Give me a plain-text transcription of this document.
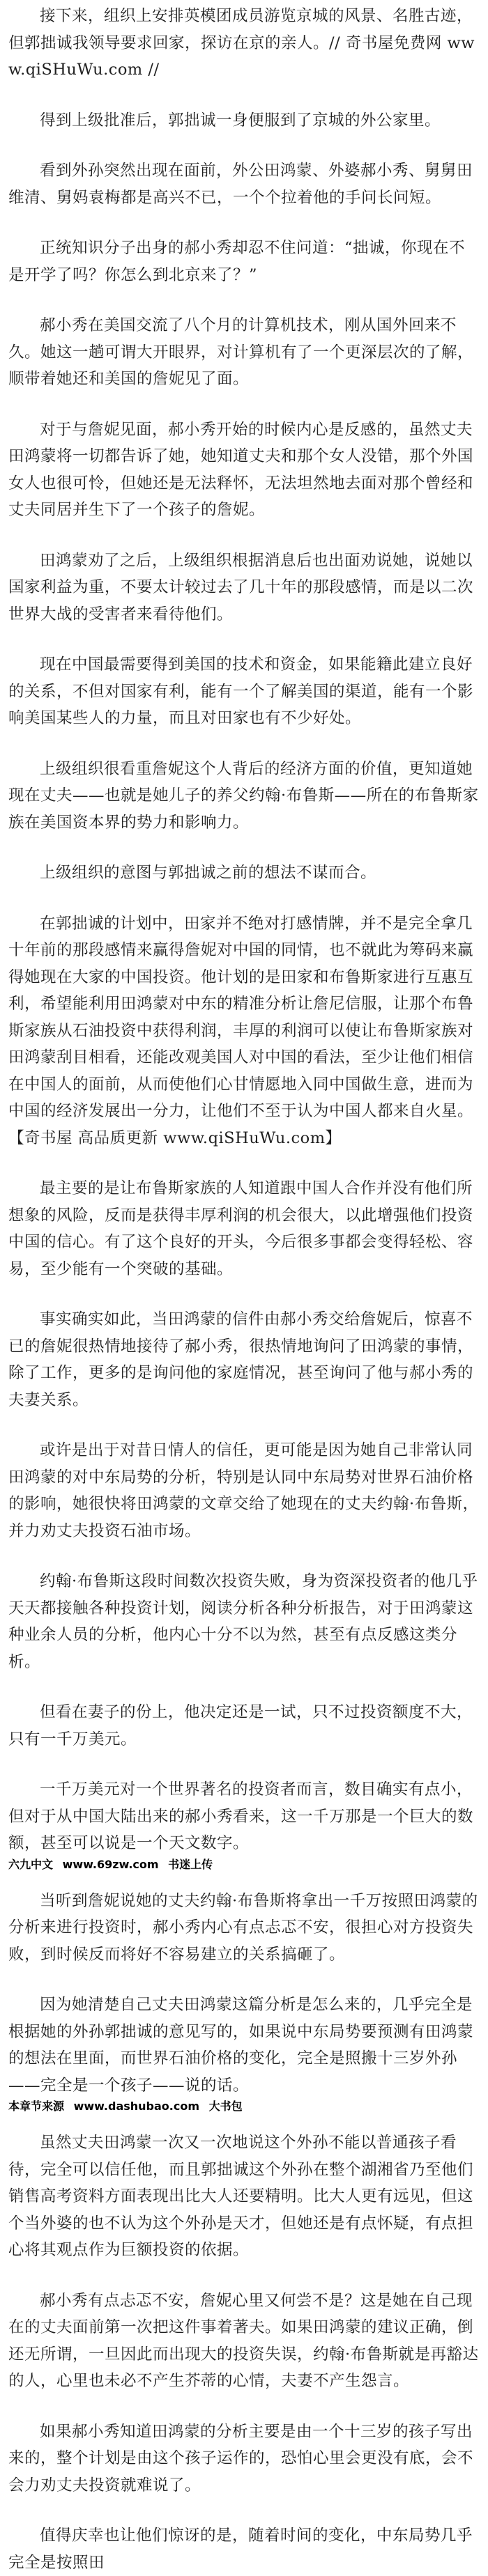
接下来，组织上安排英模团成员游览京城的风景、名胜古迹，但郭拙诚我领导要求回家，探访在京的亲人。// 奇书屋免费网 www.qiSHuWu.com //

得到上级批准后，郭拙诚一身便服到了京城的外公家里。

看到外孙突然出现在面前，外公田鸿蒙、外婆郝小秀、舅舅田维清、舅妈袁梅都是高兴不已，一个个拉着他的手问长问短。

正统知识分子出身的郝小秀却忍不住问道：“拙诚，你现在不是开学了吗？你怎么到北京来了？”

郝小秀在美国交流了八个月的计算机技术，刚从国外回来不久。她这一趟可谓大开眼界，对计算机有了一个更深层次的了解，顺带着她还和美国的詹妮见了面。

对于与詹妮见面，郝小秀开始的时候内心是反感的，虽然丈夫田鸿蒙将一切都告诉了她，她知道丈夫和那个女人没错，那个外国女人也很可怜，但她还是无法释怀，无法坦然地去面对那个曾经和丈夫同居并生下了一个孩子的詹妮。

田鸿蒙劝了之后，上级组织根据消息后也出面劝说她，说她以国家利益为重，不要太计较过去了几十年的那段感情，而是以二次世界大战的受害者来看待他们。

现在中国最需要得到美国的技术和资金，如果能籍此建立良好的关系，不但对国家有利，能有一个了解美国的渠道，能有一个影响美国某些人的力量，而且对田家也有不少好处。

上级组织很看重詹妮这个人背后的经济方面的价值，更知道她现在丈夫——也就是她儿子的养父约翰·布鲁斯——所在的布鲁斯家族在美国资本界的势力和影响力。

上级组织的意图与郭拙诚之前的想法不谋而合。

在郭拙诚的计划中，田家并不绝对打感情牌，并不是完全拿几十年前的那段感情来赢得詹妮对中国的同情，也不就此为筹码来赢得她现在大家的中国投资。他计划的是田家和布鲁斯家进行互惠互利，希望能利用田鸿蒙对中东的精准分析让詹尼信服，让那个布鲁斯家族从石油投资中获得利润，丰厚的利润可以使让布鲁斯家族对田鸿蒙刮目相看，还能改观美国人对中国的看法，至少让他们相信在中国人的面前，从而使他们心甘情愿地入同中国做生意，进而为中国的经济发展出一分力，让他们不至于认为中国人都来自火星。【奇书屋 高品质更新 www.qiSHuWu.com】

最主要的是让布鲁斯家族的人知道跟中国人合作并没有他们所想象的风险，反而是获得丰厚利润的机会很大，以此增强他们投资中国的信心。有了这个良好的开头，今后很多事都会变得轻松、容易，至少能有一个突破的基础。

事实确实如此，当田鸿蒙的信件由郝小秀交给詹妮后，惊喜不已的詹妮很热情地接待了郝小秀，很热情地询问了田鸿蒙的事情，除了工作，更多的是询问他的家庭情况，甚至询问了他与郝小秀的夫妻关系。

或许是出于对昔日情人的信任，更可能是因为她自己非常认同田鸿蒙的对中东局势的分析，特别是认同中东局势对世界石油价格的影响，她很快将田鸿蒙的文章交给了她现在的丈夫约翰·布鲁斯，并力劝丈夫投资石油市场。

约翰·布鲁斯这段时间数次投资失败，身为资深投资者的他几乎天天都接触各种投资计划，阅读分析各种分析报告，对于田鸿蒙这种业余人员的分析，他内心十分不以为然，甚至有点反感这类分析。

但看在妻子的份上，他决定还是一试，只不过投资额度不大，只有一千万美元。

一千万美元对一个世界著名的投资者而言，数目确实有点小，但对于从中国大陆出来的郝小秀看来，这一千万那是一个巨大的数额，甚至可以说是一个天文数字。

六九中文 www.69zw.com 书迷上传

当听到詹妮说她的丈夫约翰·布鲁斯将拿出一千万按照田鸿蒙的分析来进行投资时，郝小秀内心有点忐忑不安，很担心对方投资失败，到时候反而将好不容易建立的关系搞砸了。

因为她清楚自己丈夫田鸿蒙这篇分析是怎么来的，几乎完全是根据她的外孙郭拙诚的意见写的，如果说中东局势要预测有田鸿蒙的想法在里面，而世界石油价格的变化，完全是照搬十三岁外孙——完全是一个孩子——说的话。

本章节来源 www.dashubao.com 大书包

虽然丈夫田鸿蒙一次又一次地说这个外孙不能以普通孩子看待，完全可以信任他，而且郭拙诚这个外孙在整个湖湘省乃至他们销售高考资料方面表现出比大人还要精明。比大人更有远见，但这个当外婆的也不认为这个外孙是天才，但她还是有点怀疑，有点担心将其观点作为巨额投资的依据。

郝小秀有点忐忑不安，詹妮心里又何尝不是？这是她在自己现在的丈夫面前第一次把这件事着著夫。如果田鸿蒙的建议正确，倒还无所谓，一旦因此而出现大的投资失误，约翰·布鲁斯就是再豁达的人，心里也未必不产生芥蒂的心情，夫妻不产生怨言。

如果郝小秀知道田鸿蒙的分析主要是由一个十三岁的孩子写出来的，整个计划是由这个孩子运作的，恐怕心里会更没有底，会不会力劝丈夫投资就难说了。

值得庆幸也让他们惊讶的是，随着时间的变化，中东局势几乎完全是按照田
